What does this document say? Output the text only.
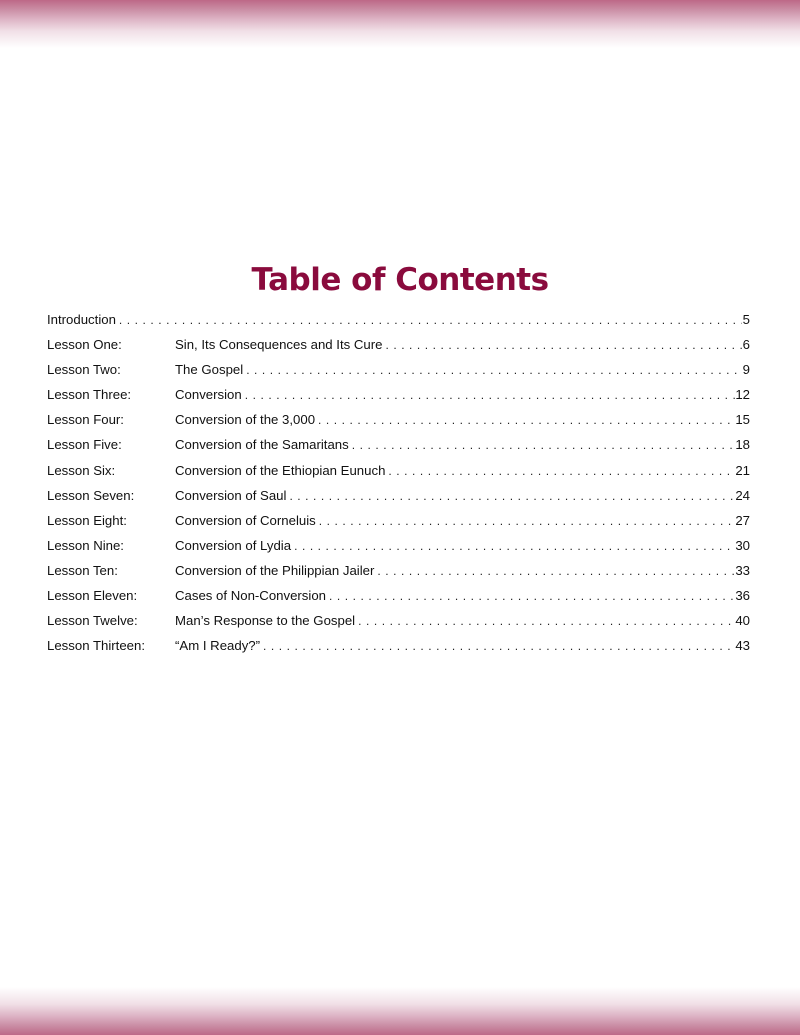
Table of Contents
Introduction . . .	5
Lesson One:	Sin, Its Consequences and Its Cure . . .	6
Lesson Two:	The Gospel . . .	9
Lesson Three:	Conversion . . .	12
Lesson Four:	Conversion of the 3,000 . . .	15
Lesson Five:	Conversion of the Samaritans . . .	18
Lesson Six:	Conversion of the Ethiopian Eunuch . . .	21
Lesson Seven:	Conversion of Saul . . .	24
Lesson Eight:	Conversion of Corneluis . . .	27
Lesson Nine:	Conversion of Lydia . . .	30
Lesson Ten:	Conversion of the Philippian Jailer . . .	33
Lesson Eleven:	Cases of Non-Conversion . . .	36
Lesson Twelve:	Man’s Response to the Gospel . . .	40
Lesson Thirteen:	“Am I Ready?” . . .	43
